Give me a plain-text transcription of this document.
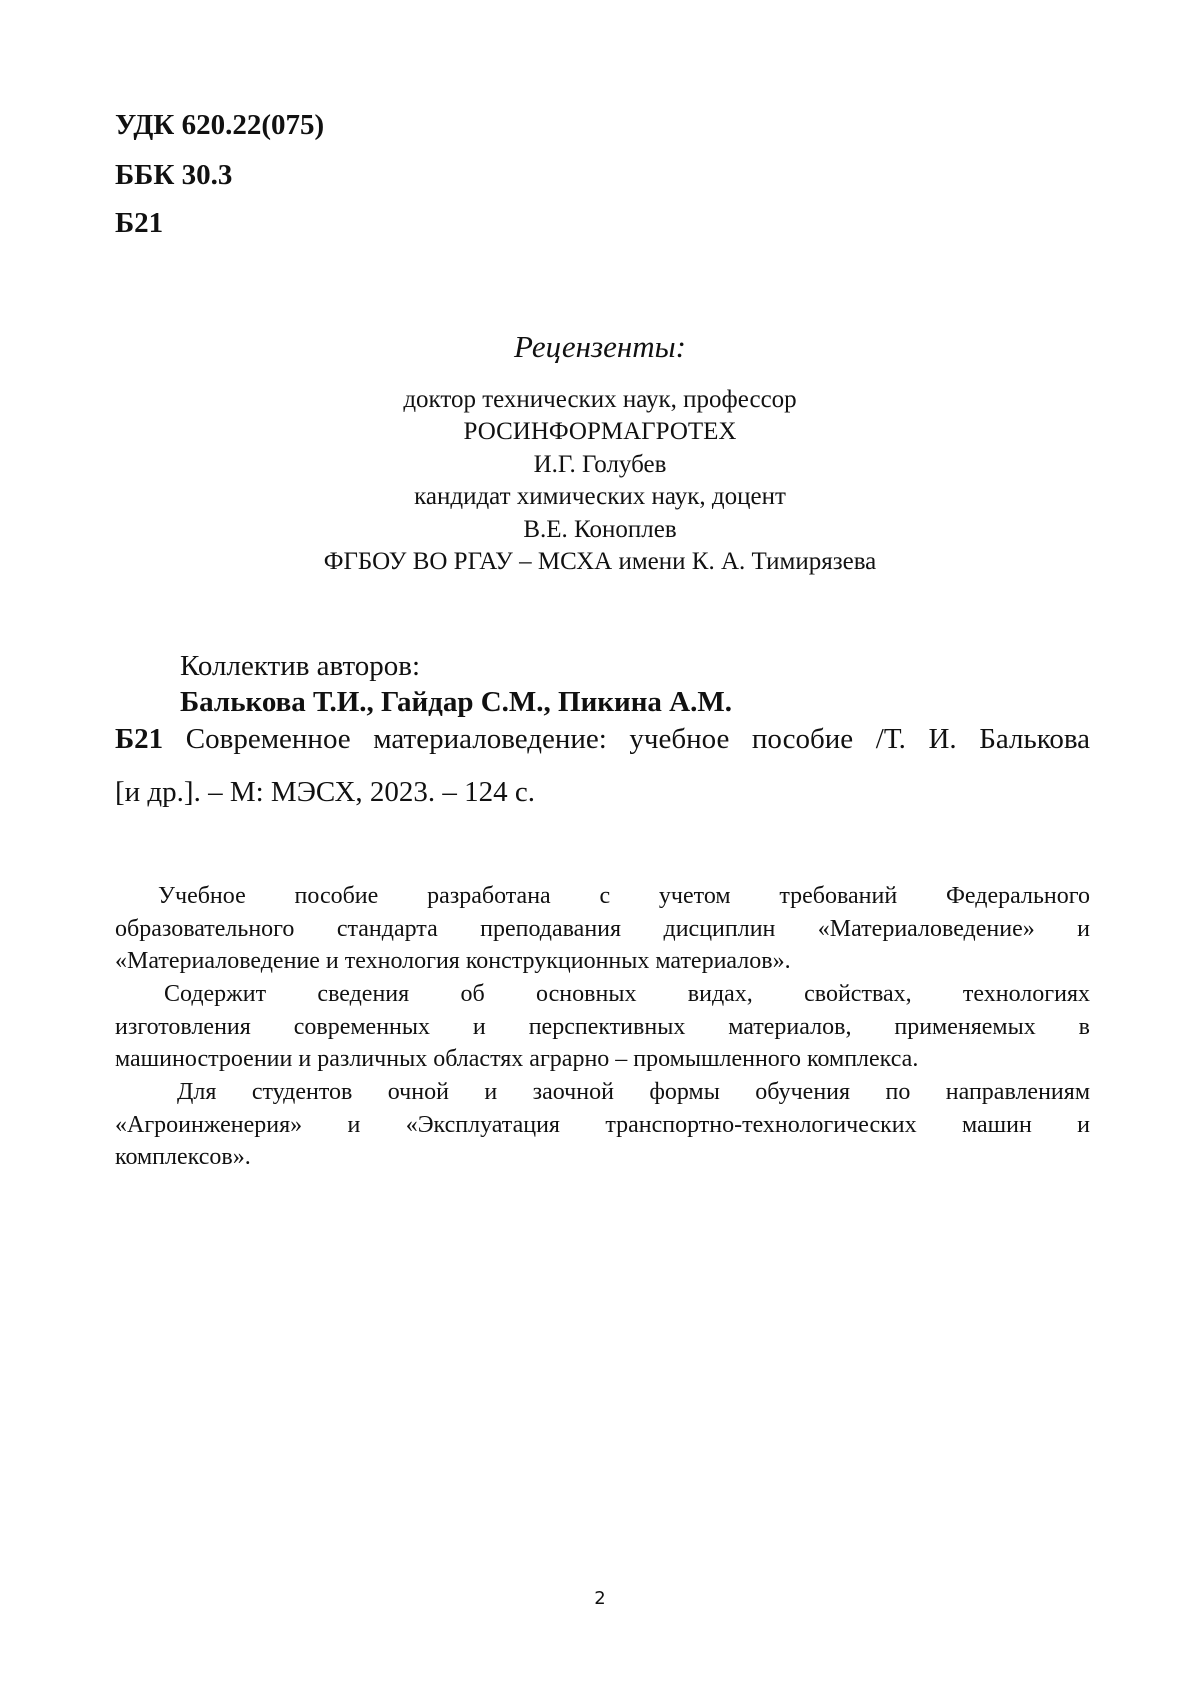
УДК 620.22(075)
ББК 30.3
Б21
Рецензенты:
доктор технических наук, профессор
РОСИНФОРМАГРОТЕХ
И.Г. Голубев
кандидат химических наук, доцент
В.Е. Коноплев
ФГБОУ ВО РГАУ – МСХА имени К. А. Тимирязева
Коллектив авторов:
Балькова Т.И., Гайдар С.М., Пикина А.М.
Б21 Современное материаловедение: учебное пособие /Т. И. Балькова
[и др.]. – М: МЭСХ, 2023. – 124 с.
Учебное пособие разработана с учетом требований Федерального
образовательного стандарта преподавания дисциплин «Материаловедение» и
«Материаловедение и технология конструкционных материалов».
Содержит сведения об основных видах, свойствах, технологиях
изготовления современных и перспективных материалов, применяемых в
машиностроении и различных областях аграрно – промышленного комплекса.
Для студентов очной и заочной формы обучения по направлениям
«Агроинженерия» и «Эксплуатация транспортно-технологических машин и
комплексов».
2
